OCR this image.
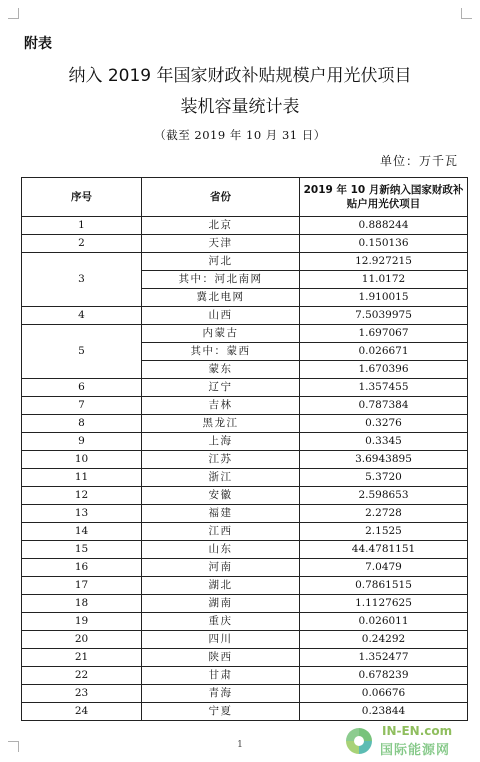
附表
纳入 2019 年国家财政补贴规模户用光伏项目
装机容量统计表
（截至 2019 年 10 月 31 日）
单位：万千瓦
序号	省份	2019 年 10 月新纳入国家财政补贴户用光伏项目
1	北京	0.888244
2	天津	0.150136
3	河北	12.927215
	其中：河北南网	11.0172
	冀北电网	1.910015
4	山西	7.5039975
5	内蒙古	1.697067
	其中：蒙西	0.026671
	蒙东	1.670396
6	辽宁	1.357455
7	吉林	0.787384
8	黑龙江	0.3276
9	上海	0.3345
10	江苏	3.6943895
11	浙江	5.3720
12	安徽	2.598653
13	福建	2.2728
14	江西	2.1525
15	山东	44.4781151
16	河南	7.0479
17	湖北	0.7861515
18	湖南	1.1127625
19	重庆	0.026011
20	四川	0.24292
21	陕西	1.352477
22	甘肃	0.678239
23	青海	0.06676
24	宁夏	0.23844
1
IN-EN.com
国际能源网
